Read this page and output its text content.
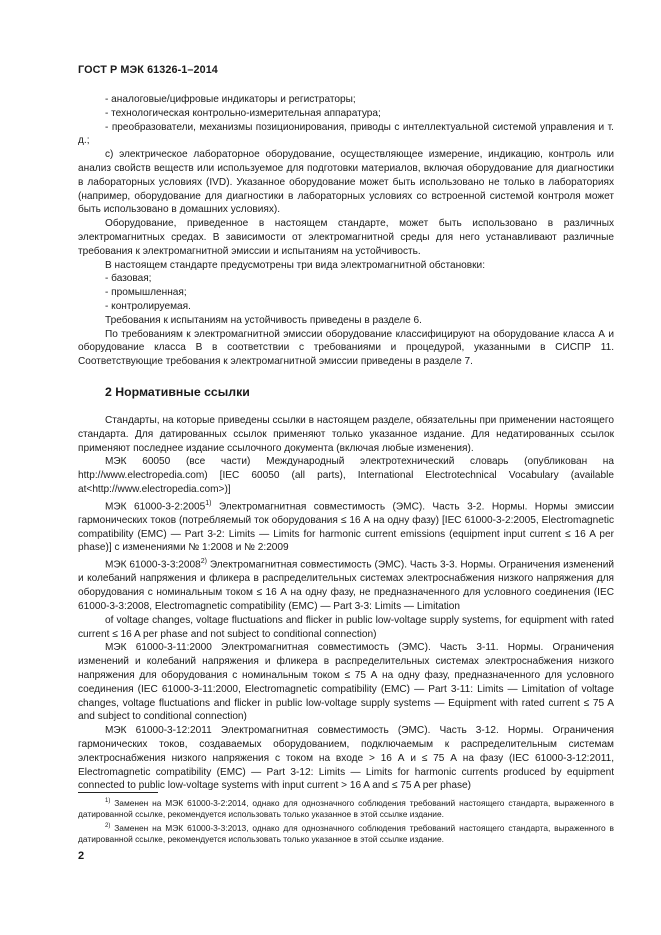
ГОСТ Р МЭК 61326-1–2014

- аналоговые/цифровые индикаторы и регистраторы;

- технологическая контрольно-измерительная аппаратура;

- преобразователи, механизмы позиционирования, приводы с интеллектуальной системой управления и т. д.;

c) электрическое лабораторное оборудование, осуществляющее измерение, индикацию, контроль или анализ свойств веществ или используемое для подготовки материалов, включая оборудование для диагностики в лабораторных условиях (IVD). Указанное оборудование может быть использовано не только в лабораториях (например, оборудование для диагностики в лабораторных условиях со встроенной системой контроля может быть использовано в домашних условиях).

Оборудование, приведенное в настоящем стандарте, может быть использовано в различных электромагнитных средах. В зависимости от электромагнитной среды для него устанавливают различные требования к электромагнитной эмиссии и испытаниям на устойчивость.

В настоящем стандарте предусмотрены три вида электромагнитной обстановки:

- базовая;

- промышленная;

- контролируемая.

Требования к испытаниям на устойчивость приведены в разделе 6.

По требованиям к электромагнитной эмиссии оборудование классифицируют на оборудование класса А и оборудование класса В в соответствии с требованиями и процедурой, указанными в СИСПР 11. Соответствующие требования к электромагнитной эмиссии приведены в разделе 7.

2 Нормативные ссылки

Стандарты, на которые приведены ссылки в настоящем разделе, обязательны при применении настоящего стандарта. Для датированных ссылок применяют только указанное издание. Для недатированных ссылок применяют последнее издание ссылочного документа (включая любые изменения).

МЭК 60050 (все части) Международный электротехнический словарь (опубликован на http://www.electropedia.com) [IEC 60050 (all parts), International Electrotechnical Vocabulary (available at<http://www.electropedia.com>)]

МЭК 61000-3-2:2005$^{1)}$ Электромагнитная совместимость (ЭМС). Часть 3-2. Нормы. Нормы эмиссии гармонических токов (потребляемый ток оборудования ≤ 16 А на одну фазу) [IEC 61000-3-2:2005, Electromagnetic compatibility (EMC) — Part 3-2: Limits — Limits for harmonic current emissions (equipment input current ≤ 16 A per phase)] с изменениями № 1:2008 и № 2:2009

МЭК 61000-3-3:2008$^{2)}$ Электромагнитная совместимость (ЭМС). Часть 3-3. Нормы. Ограничения изменений и колебаний напряжения и фликера в распределительных системах электроснабжения низкого напряжения для оборудования с номинальным током ≤ 16 А на одну фазу, не предназначенного для условного соединения (IEC 61000-3-3:2008, Electromagnetic compatibility (EMC) — Part 3-3: Limits — Limitation

of voltage changes, voltage fluctuations and flicker in public low-voltage supply systems, for equipment with rated current ≤ 16 A per phase and not subject to conditional connection)

МЭК 61000-3-11:2000 Электромагнитная совместимость (ЭМС). Часть 3-11. Нормы. Ограничения изменений и колебаний напряжения и фликера в распределительных системах электроснабжения низкого напряжения для оборудования с номинальным током ≤ 75 А на одну фазу, предназначенного для условного соединения (IEC 61000-3-11:2000, Electromagnetic compatibility (EMC) — Part 3-11: Limits — Limitation of voltage changes, voltage fluctuations and flicker in public low-voltage supply systems — Equipment with rated current ≤ 75 A and subject to conditional connection)

МЭК 61000-3-12:2011 Электромагнитная совместимость (ЭМС). Часть 3-12. Нормы. Ограничения гармонических токов, создаваемых оборудованием, подключаемым к распределительным системам электроснабжения низкого напряжения с током на входе > 16 А и ≤ 75 А на фазу (IEC 61000-3-12:2011, Electromagnetic compatibility (EMC) — Part 3-12: Limits — Limits for harmonic currents produced by equipment connected to public low-voltage systems with input current > 16 A and ≤ 75 A per phase)

$^{1)}$ Заменен на МЭК 61000-3-2:2014, однако для однозначного соблюдения требований настоящего стандарта, выраженного в датированной ссылке, рекомендуется использовать только указанное в этой ссылке издание.

$^{2)}$ Заменен на МЭК 61000-3-3:2013, однако для однозначного соблюдения требований настоящего стандарта, выраженного в датированной ссылке, рекомендуется использовать только указанное в этой ссылке издание.

2
